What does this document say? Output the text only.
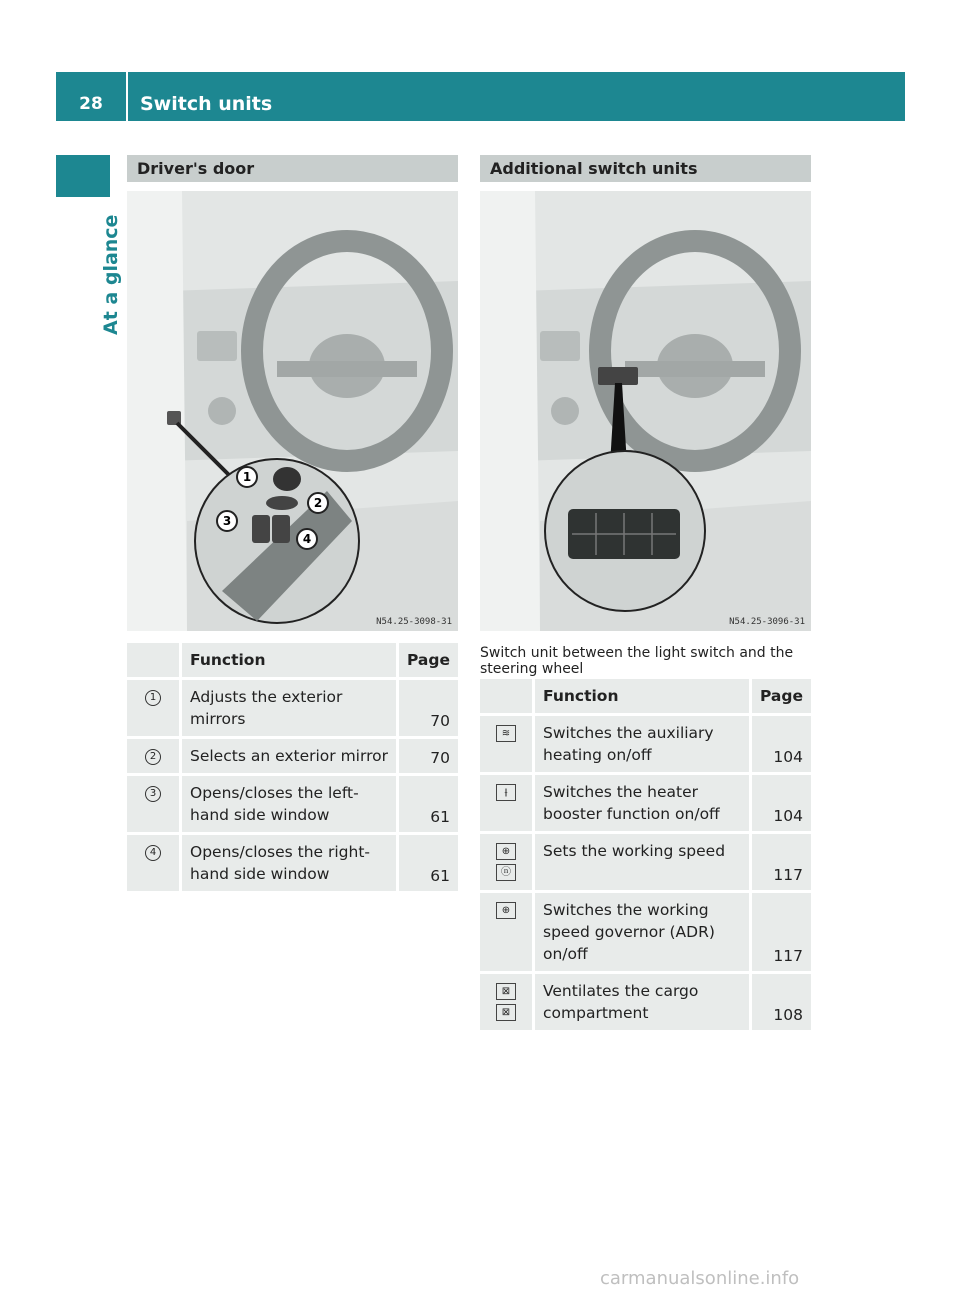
28	Switch units
At a glance
Driver's door
1
2
3
4
N54.25-3098-31
	Function	Page
1	Adjusts the exterior mirrors	70
2	Selects an exterior mirror	70
3	Opens/closes the left-hand side window	61
4	Opens/closes the right-hand side window	61
Additional switch units
N54.25-3096-31
Switch unit between the light switch and the steering wheel
	Function	Page
≋	Switches the auxiliary heating on/off	104
⫲	Switches the heater booster function on/off	104
⊕
ⓝ	Sets the working speed	117
⊕	Switches the working speed governor (ADR) on/off	117
⊠
⊠	Ventilates the cargo compartment	108
carmanualsonline.info
